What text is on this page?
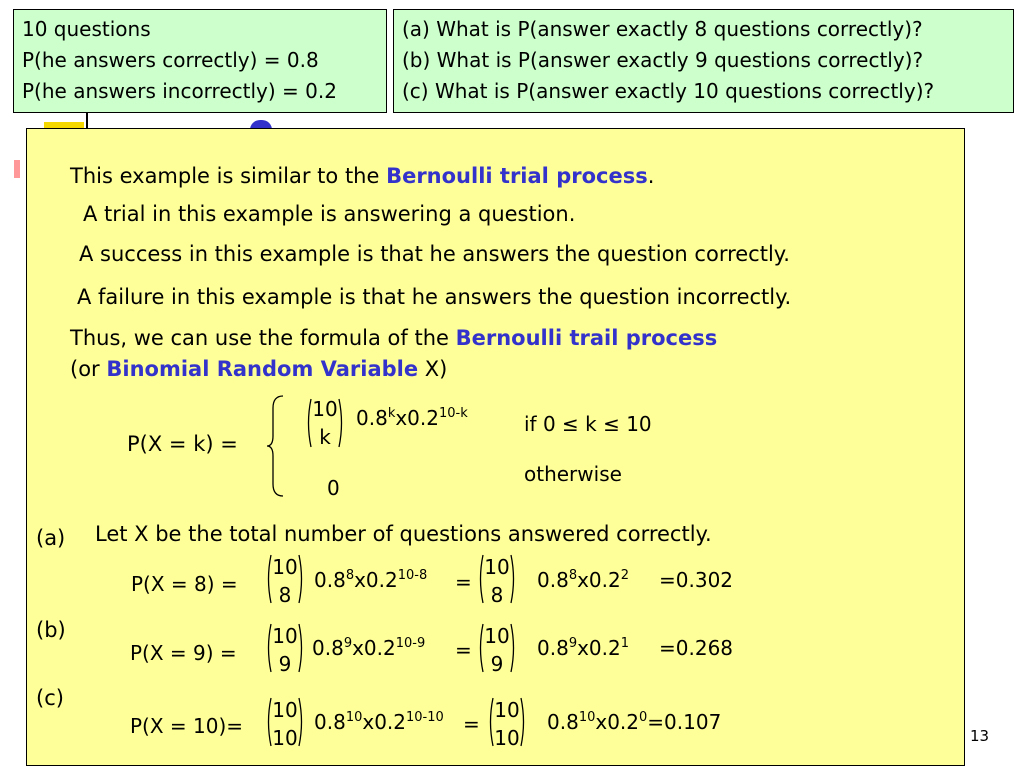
10 questions
P(he answers correctly) = 0.8
P(he answers incorrectly) = 0.2
(a) What is P(answer exactly 8 questions correctly)?
(b) What is P(answer exactly 9 questions correctly)?
(c) What is P(answer exactly 10 questions correctly)?
This example is similar to the Bernoulli trial process.
A trial in this example is answering a question.
A success in this example is that he answers the question correctly.
A failure in this example is that he answers the question incorrectly.
Thus, we can use the formula of the Bernoulli trail process
(or Binomial Random Variable X)
P(X = k) =
10
k
0.8$^k$x0.2$^{10-k}$	if 0 ≤ k ≤ 10
0
otherwise
(a) Let X be the total number of questions answered correctly.
P(X = 8) =
10
8
$0.8^8x0.2^{10-8}$ =
10
8
$0.8^8x0.2^2 =0.302$
(b)
P(X = 9) =
10
9
$0.8^9x0.2^{10-9}$ =
10
9
$0.8^9x0.2^1 =0.268$
(c)
P(X = 10)=
10
10
$0.8^{10}x0.2^{10-10}$ =
10
10
$0.8^{10}x0.2^0=0.107$
13
